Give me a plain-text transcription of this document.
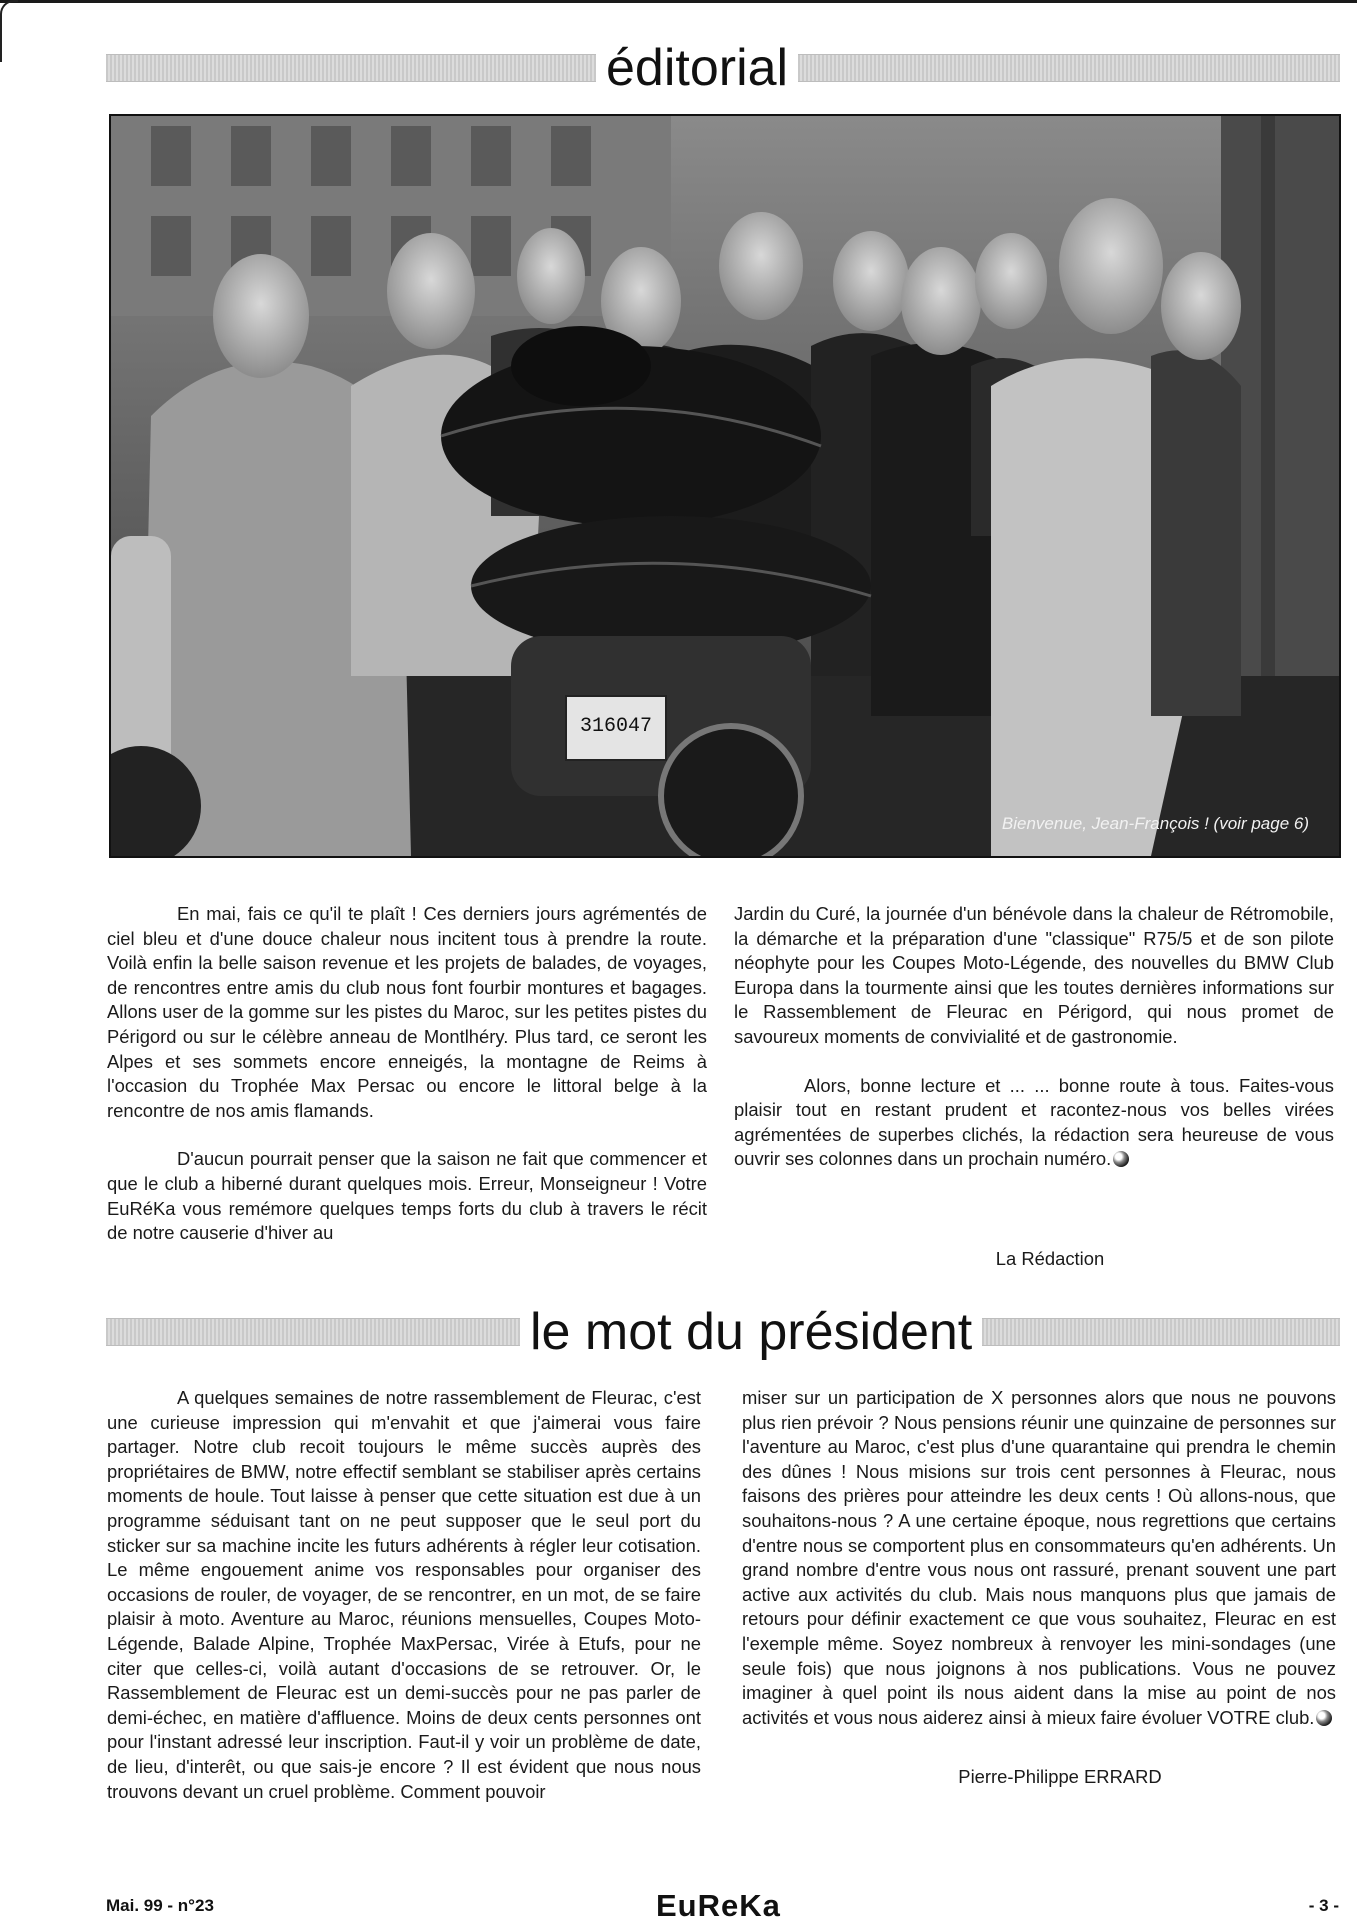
éditorial
316047
Bienvenue, Jean-François ! (voir page 6)

En mai, fais ce qu'il te plaît ! Ces derniers jours agrémentés de ciel bleu et d'une douce chaleur nous incitent tous à prendre la route. Voilà enfin la belle saison revenue et les projets de balades, de voyages, de rencontres entre amis du club nous font fourbir montures et bagages. Allons user de la gomme sur les pistes du Maroc, sur les petites pistes du Périgord ou sur le célèbre anneau de Montlhéry. Plus tard, ce seront les Alpes et ses sommets encore enneigés, la montagne de Reims à l'occasion du Trophée Max Persac ou encore le littoral belge à la rencontre de nos amis flamands.

D'aucun pourrait penser que la saison ne fait que commencer et que le club a hiberné durant quelques mois. Erreur, Monseigneur ! Votre EuRéKa vous remémore quelques temps forts du club à travers le récit de notre causerie d'hiver au

Jardin du Curé, la journée d'un bénévole dans la chaleur de Rétromobile, la démarche et la préparation d'une "classique" R75/5 et de son pilote néophyte pour les Coupes Moto-Légende, des nouvelles du BMW Club Europa dans la tourmente ainsi que les toutes dernières informations sur le Rassemblement de Fleurac en Périgord, qui nous promet de savoureux moments de convivialité et de gastronomie.

Alors, bonne lecture et ... ... bonne route à tous. Faites-vous plaisir tout en restant prudent et racontez-nous vos belles virées agrémentées de superbes clichés, la rédaction sera heureuse de vous ouvrir ses colonnes dans un prochain numéro.

La Rédaction
le mot du président

A quelques semaines de notre rassemblement de Fleurac, c'est une curieuse impression qui m'envahit et que j'aimerai vous faire partager. Notre club recoit toujours le même succès auprès des propriétaires de BMW, notre effectif semblant se stabiliser après certains moments de houle. Tout laisse à penser que cette situation est due à un programme séduisant tant on ne peut supposer que le seul port du sticker sur sa machine incite les futurs adhérents à régler leur cotisation. Le même engouement anime vos responsables pour organiser des occasions de rouler, de voyager, de se rencontrer, en un mot, de se faire plaisir à moto. Aventure au Maroc, réunions mensuelles, Coupes Moto-Légende, Balade Alpine, Trophée MaxPersac, Virée à Etufs, pour ne citer que celles-ci, voilà autant d'occasions de se retrouver. Or, le Rassemblement de Fleurac est un demi-succès pour ne pas parler de demi-échec, en matière d'affluence. Moins de deux cents personnes ont pour l'instant adressé leur inscription. Faut-il y voir un problème de date, de lieu, d'interêt, ou que sais-je encore ? Il est évident que nous nous trouvons devant un cruel problème. Comment pouvoir

miser sur un participation de X personnes alors que nous ne pouvons plus rien prévoir ? Nous pensions réunir une quinzaine de personnes sur l'aventure au Maroc, c'est plus d'une quarantaine qui prendra le chemin des dûnes ! Nous misions sur trois cent personnes à Fleurac, nous faisons des prières pour atteindre les deux cents ! Où allons-nous, que souhaitons-nous ? A une certaine époque, nous regrettions que certains d'entre nous se comportent plus en consommateurs qu'en adhérents. Un grand nombre d'entre vous nous ont rassuré, prenant souvent une part active aux activités du club. Mais nous manquons plus que jamais de retours pour définir exactement ce que vous souhaitez, Fleurac en est l'exemple même. Soyez nombreux à renvoyer les mini-sondages (une seule fois) que nous joignons à nos publications. Vous ne pouvez imaginer à quel point ils nous aident dans la mise au point de nos activités et vous nous aiderez ainsi à mieux faire évoluer VOTRE club.

Pierre-Philippe ERRARD
Mai. 99 - n°23	EuReKa	- 3 -
